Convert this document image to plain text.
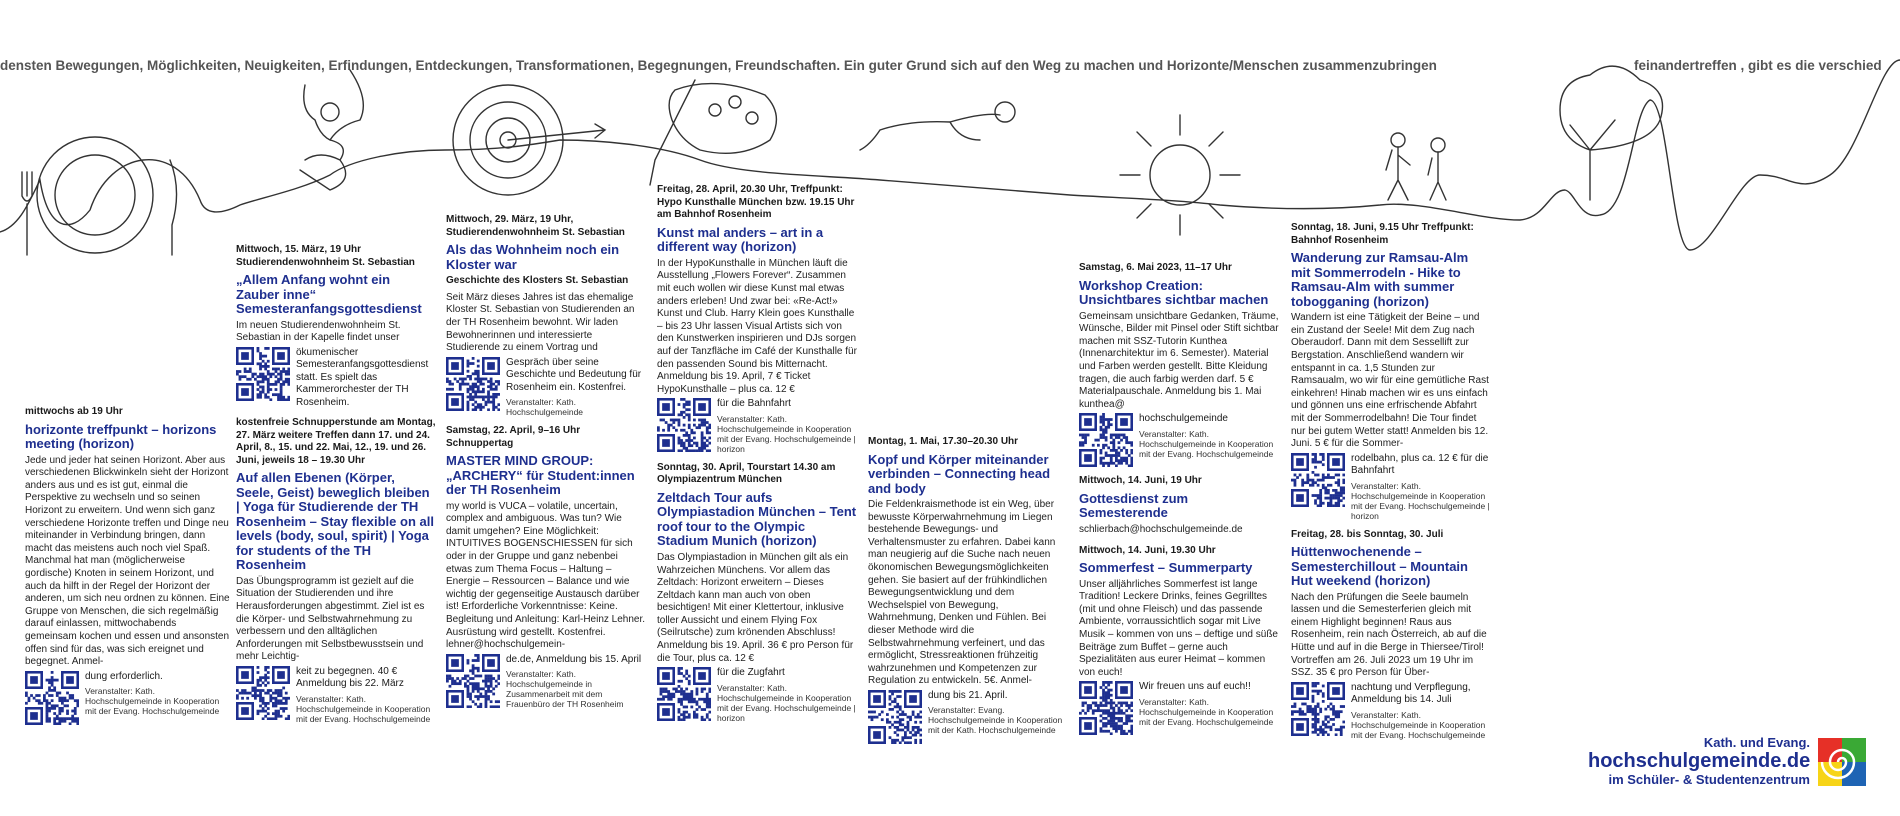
densten Bewegungen, Möglichkeiten, Neuigkeiten, Erfindungen, Entdeckungen, Transformationen, Begegnungen, Freundschaften. Ein guter Grund sich auf den Weg zu machen und Horizonte/Menschen zusammenzubringen	feinandertreffen , gibt es die verschied
mittwochs ab 19 Uhr
horizonte treffpunkt – horizons meeting (horizon)
Jede und jeder hat seinen Horizont. Aber aus verschiedenen Blickwinkeln sieht der Horizont anders aus und es ist gut, einmal die Perspektive zu wechseln und so seinen Horizont zu erweitern. Und wenn sich ganz verschiedene Horizonte treffen und Dinge neu miteinander in Verbindung bringen, dann macht das meistens auch noch viel Spaß. Manchmal hat man (möglicherweise gordische) Knoten in seinem Horizont, und auch da hilft in der Regel der Horizont der anderen, um sich neu ordnen zu können. Eine Gruppe von Menschen, die sich regelmäßig darauf einlassen, mittwochabends gemeinsam kochen und essen und ansonsten offen sind für das, was sich ereignet und begegnet. Anmel-
dung erforderlich.
Veranstalter: Kath. Hochschulgemeinde in Kooperation mit der Evang. Hochschulgemeinde
Mittwoch, 15. März, 19 Uhr Studierendenwohnheim St. Sebastian
„Allem Anfang wohnt ein Zauber inne“ Semesteranfangsgottesdienst
Im neuen Studierendenwohnheim St. Sebastian in der Kapelle findet unser
ökumenischer Semesteranfangsgottesdienst statt. Es spielt das Kammerorchester der TH Rosenheim.
kostenfreie Schnupperstunde am Montag, 27. März weitere Treffen dann 17. und 24. April, 8., 15. und 22. Mai, 12., 19. und 26. Juni, jeweils 18 – 19.30 Uhr
Auf allen Ebenen (Körper, Seele, Geist) beweglich bleiben | Yoga für Studierende der TH Rosenheim – Stay flexible on all levels (body, soul, spirit) | Yoga for students of the TH Rosenheim
Das Übungsprogramm ist gezielt auf die Situation der Studierenden und ihre Herausforderungen abgestimmt. Ziel ist es die Körper- und Selbstwahrnehmung zu verbessern und den alltäglichen Anforderungen mit Selbstbewusstsein und mehr Leichtig-
keit zu begegnen. 40 € Anmeldung bis 22. März
Veranstalter: Kath. Hochschulgemeinde in Kooperation mit der Evang. Hochschulgemeinde
Mittwoch, 29. März, 19 Uhr, Studierendenwohnheim St. Sebastian
Als das Wohnheim noch ein Kloster war
Geschichte des Klosters St. Sebastian
Seit März dieses Jahres ist das ehemalige Kloster St. Sebastian von Studierenden an der TH Rosenheim bewohnt. Wir laden Bewohnerinnen und interessierte Studierende zu einem Vortrag und
Gespräch über seine Geschichte und Bedeutung für Rosenheim ein. Kostenfrei.
Veranstalter: Kath. Hochschulgemeinde
Samstag, 22. April, 9–16 Uhr Schnuppertag
MASTER MIND GROUP: „ARCHERY“ für Student:innen der TH Rosenheim
my world is VUCA – volatile, uncertain, complex and ambiguous. Was tun? Wie damit umgehen? Eine Möglichkeit: INTUITIVES BOGENSCHIESSEN für sich oder in der Gruppe und ganz nebenbei etwas zum Thema Focus – Haltung – Energie – Ressourcen – Balance und wie wichtig der gegenseitige Austausch darüber ist! Erforderliche Vorkenntnisse: Keine. Begleitung und Anleitung: Karl-Heinz Lehner. Ausrüstung wird gestellt. Kostenfrei. lehner@hochschulgemein-
de.de, Anmeldung bis 15. April
Veranstalter: Kath. Hochschulgemeinde in Zusammenarbeit mit dem Frauenbüro der TH Rosenheim
Freitag, 28. April, 20.30 Uhr, Treffpunkt: Hypo Kunsthalle München bzw. 19.15 Uhr am Bahnhof Rosenheim
Kunst mal anders – art in a different way (horizon)
In der HypoKunsthalle in München läuft die Ausstellung „Flowers Forever“. Zusammen mit euch wollen wir diese Kunst mal etwas anders erleben! Und zwar bei: «Re-Act!» Kunst und Club. Harry Klein goes Kunsthalle – bis 23 Uhr lassen Visual Artists sich von den Kunstwerken inspirieren und DJs sorgen auf der Tanzfläche im Café der Kunsthalle für den passenden Sound bis Mitternacht. Anmeldung bis 19. April, 7 € Ticket HypoKunsthalle – plus ca. 12 €
für die Bahnfahrt
Veranstalter: Kath. Hochschulgemeinde in Kooperation mit der Evang. Hochschulgemeinde | horizon
Sonntag, 30. April, Tourstart 14.30 am Olympiazentrum München
Zeltdach Tour aufs Olympiastadion München – Tent roof tour to the Olympic Stadium Munich (horizon)
Das Olympiastadion in München gilt als ein Wahrzeichen Münchens. Vor allem das Zeltdach: Horizont erweitern – Dieses Zeltdach kann man auch von oben besichtigen! Mit einer Klettertour, inklusive toller Aussicht und einem Flying Fox (Seilrutsche) zum krönenden Abschluss! Anmeldung bis 19. April. 36 € pro Person für die Tour, plus ca. 12 €
für die Zugfahrt
Veranstalter: Kath. Hochschulgemeinde in Kooperation mit der Evang. Hochschulgemeinde | horizon
Montag, 1. Mai, 17.30–20.30 Uhr
Kopf und Körper miteinander verbinden – Connecting head and body
Die Feldenkraismethode ist ein Weg, über bewusste Körperwahrnehmung im Liegen bestehende Bewegungs- und Verhaltensmuster zu erfahren. Dabei kann man neugierig auf die Suche nach neuen ökonomischen Bewegungsmöglichkeiten gehen. Sie basiert auf der frühkindlichen Bewegungsentwicklung und dem Wechselspiel von Bewegung, Wahrnehmung, Denken und Fühlen. Bei dieser Methode wird die Selbstwahrnehmung verfeinert, und das ermöglicht, Stressreaktionen frühzeitig wahrzunehmen und Kompetenzen zur Regulation zu entwickeln. 5€. Anmel-
dung bis 21. April.
Veranstalter: Evang. Hochschulgemeinde in Kooperation mit der Kath. Hochschulgemeinde
Samstag, 6. Mai 2023, 11–17 Uhr
Workshop Creation: Unsichtbares sichtbar machen
Gemeinsam unsichtbare Gedanken, Träume, Wünsche, Bilder mit Pinsel oder Stift sichtbar machen mit SSZ-Tutorin Kunthea (Innenarchitektur im 6. Semester). Material und Farben werden gestellt. Bitte Kleidung tragen, die auch farbig werden darf. 5 € Materialpauschale. Anmeldung bis 1. Mai kunthea@
hochschulgemeinde
Veranstalter: Kath. Hochschulgemeinde in Kooperation mit der Evang. Hochschulgemeinde
Mittwoch, 14. Juni, 19 Uhr
Gottesdienst zum Semesterende
schlierbach@hochschulgemeinde.de
Mittwoch, 14. Juni, 19.30 Uhr
Sommerfest – Summerparty
Unser alljährliches Sommerfest ist lange Tradition! Leckere Drinks, feines Gegrilltes (mit und ohne Fleisch) und das passende Ambiente, vorraussichtlich sogar mit Live Musik – kommen von uns – deftige und süße Beiträge zum Buffet – gerne auch Spezialitäten aus eurer Heimat – kommen von euch!
Wir freuen uns auf euch!!
Veranstalter: Kath. Hochschulgemeinde in Kooperation mit der Evang. Hochschulgemeinde
Sonntag, 18. Juni, 9.15 Uhr Treffpunkt: Bahnhof Rosenheim
Wanderung zur Ramsau-Alm mit Sommerrodeln - Hike to Ramsau-Alm with summer tobogganing (horizon)
Wandern ist eine Tätigkeit der Beine – und ein Zustand der Seele! Mit dem Zug nach Oberaudorf. Dann mit dem Sessellift zur Bergstation. Anschließend wandern wir entspannt in ca. 1,5 Stunden zur Ramsaualm, wo wir für eine gemütliche Rast einkehren! Hinab machen wir es uns einfach und gönnen uns eine erfrischende Abfahrt mit der Sommerrodelbahn! Die Tour findet nur bei gutem Wetter statt! Anmelden bis 12. Juni. 5 € für die Sommer-
rodelbahn, plus ca. 12 € für die Bahnfahrt
Veranstalter: Kath. Hochschulgemeinde in Kooperation mit der Evang. Hochschulgemeinde | horizon
Freitag, 28. bis Sonntag, 30. Juli
Hüttenwochenende – Semesterchillout – Mountain Hut weekend (horizon)
Nach den Prüfungen die Seele baumeln lassen und die Semesterferien gleich mit einem Highlight beginnen! Raus aus Rosenheim, rein nach Österreich, ab auf die Hütte und auf in die Berge in Thiersee/Tirol! Vortreffen am 26. Juli 2023 um 19 Uhr im SSZ. 35 € pro Person für Über-
nachtung und Verpflegung, Anmeldung bis 14. Juli
Veranstalter: Kath. Hochschulgemeinde in Kooperation mit der Evang. Hochschulgemeinde
Kath. und Evang.
hochschulgemeinde.de
im Schüler- & Studentenzentrum
